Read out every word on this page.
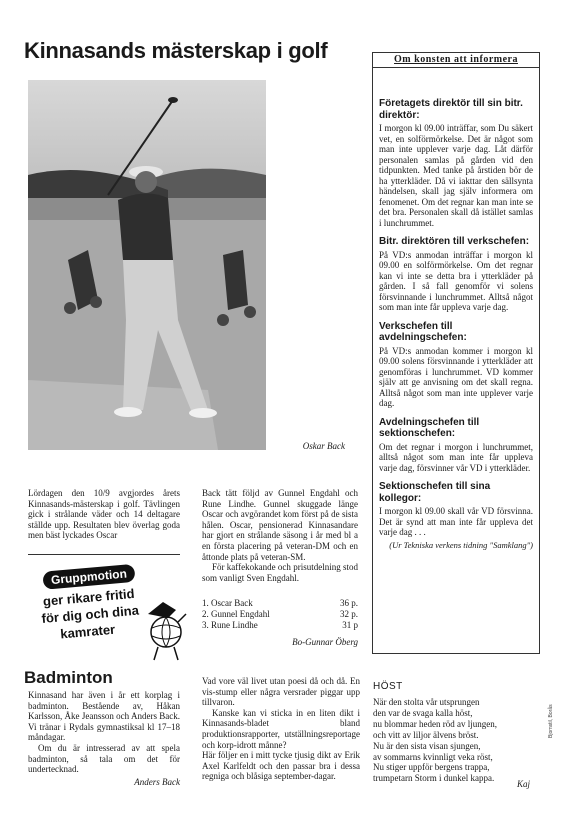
Kinnasands mästerskap i golf
Oskar Back
Lördagen den 10/9 avgjordes årets Kinnasands-mästerskap i golf. Tävlingen gick i strålande väder och 14 deltagare ställde upp. Resultaten blev överlag goda men bäst lyckades Oscar

Back tätt följd av Gunnel Engdahl och Rune Lindhe. Gunnel skuggade länge Oscar och avgörandet kom först på de sista hålen. Oscar, pensionerad Kinnasandare har gjort en strålande säsong i år med bl a en första placering på veteran-DM och en åttonde plats på veteran-SM.

För kaffekokande och prisutdelning stod som vanligt Sven Engdahl.

1. Oscar Back	36 p.
2. Gunnel Engdahl	32 p.
3. Rune Lindhe	31 p
Bo-Gunnar Öberg
Gruppmotion
ger rikare fritid
för dig och dina
kamrater
Badminton

Kinnasand har även i år ett korplag i badminton. Bestående av, Håkan Karlsson, Åke Jeansson och Anders Back. Vi tränar i Rydals gymnastiksal kl 17–18 måndagar.

Om du är intresserad av att spela badminton, så tala om det för undertecknad.

Anders Back

Vad vore väl livet utan poesi då och då. En vis-stump eller några versrader piggar upp tillvaron.

Kanske kan vi sticka in en liten dikt i Kinnasands-bladet bland produktionsrapporter, utställningsreportage och korp-idrott månne?

Här följer en i mitt tycke tjusig dikt av Erik Axel Karlfeldt och den passar bra i dessa regniga och blåsiga september-dagar.

Om konsten att informera
Företagets direktör till sin bitr. direktör:
I morgon kl 09.00 inträffar, som Du säkert vet, en solförmörkelse. Det är något som man inte upplever varje dag. Låt därför personalen samlas på gården vid den tidpunkten. Med tanke på årstiden bör de ha ytterkläder. Då vi iakttar den sällsynta händelsen, skall jag själv informera om fenomenet. Om det regnar kan man inte se det bra. Personalen skall då istället samlas i lunchrummet.
Bitr. direktören till verkschefen:
På VD:s anmodan inträffar i morgon kl 09.00 en solförmörkelse. Om det regnar kan vi inte se detta bra i ytterkläder på gården. I så fall genomför vi solens försvinnande i lunchrummet. Alltså något som man inte får uppleva varje dag.
Verkschefen till avdelningschefen:
På VD:s anmodan kommer i morgon kl 09.00 solens försvinnande i ytterkläder att genomföras i lunchrummet. VD kommer själv att ge anvisning om det skall regna. Alltså något som man inte upplever varje dag.
Avdelningschefen till sektionschefen:
Om det regnar i morgon i lunchrummet, alltså något som man inte får uppleva varje dag, försvinner vår VD i ytterkläder.
Sektionschefen till sina kollegor:
I morgon kl 09.00 skall vår VD försvinna. Det är synd att man inte får uppleva det varje dag . . .
(Ur Tekniska verkens tidning "Samklang")
HÖST
När den stolta vår utsprungen
den var de svaga kalla höst,
nu blommar heden röd av ljungen,
och vitt av liljor älvens bröst.
Nu är den sista visan sjungen,
av sommarns kvinnligt veka röst,
Nu stiger uppför bergens trappa,
trumpetarn Storm i dunkel kappa.
Kaj
Bjornstil, Borås
